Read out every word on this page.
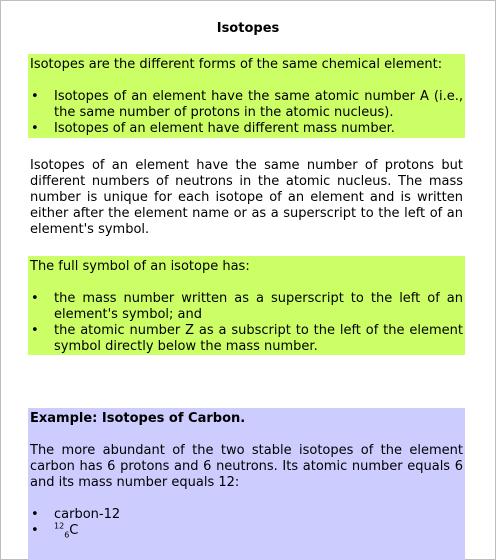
Isotopes

Isotopes are the different forms of the same chemical element:

• Isotopes of an element have the same atomic number A (i.e., the same number of protons in the atomic nucleus).
• Isotopes of an element have different mass number.

Isotopes of an element have the same number of protons but different numbers of neutrons in the atomic nucleus. The mass number is unique for each isotope of an element and is written either after the element name or as a superscript to the left of an element's symbol.

The full symbol of an isotope has:

• the mass number written as a superscript to the left of an element's symbol; and
• the atomic number Z as a subscript to the left of the element symbol directly below the mass number.

Example: Isotopes of Carbon.

The more abundant of the two stable isotopes of the element carbon has 6 protons and 6 neutrons. Its atomic number equals 6 and its mass number equals 12:

• carbon-12
• $^{12}_6$C
